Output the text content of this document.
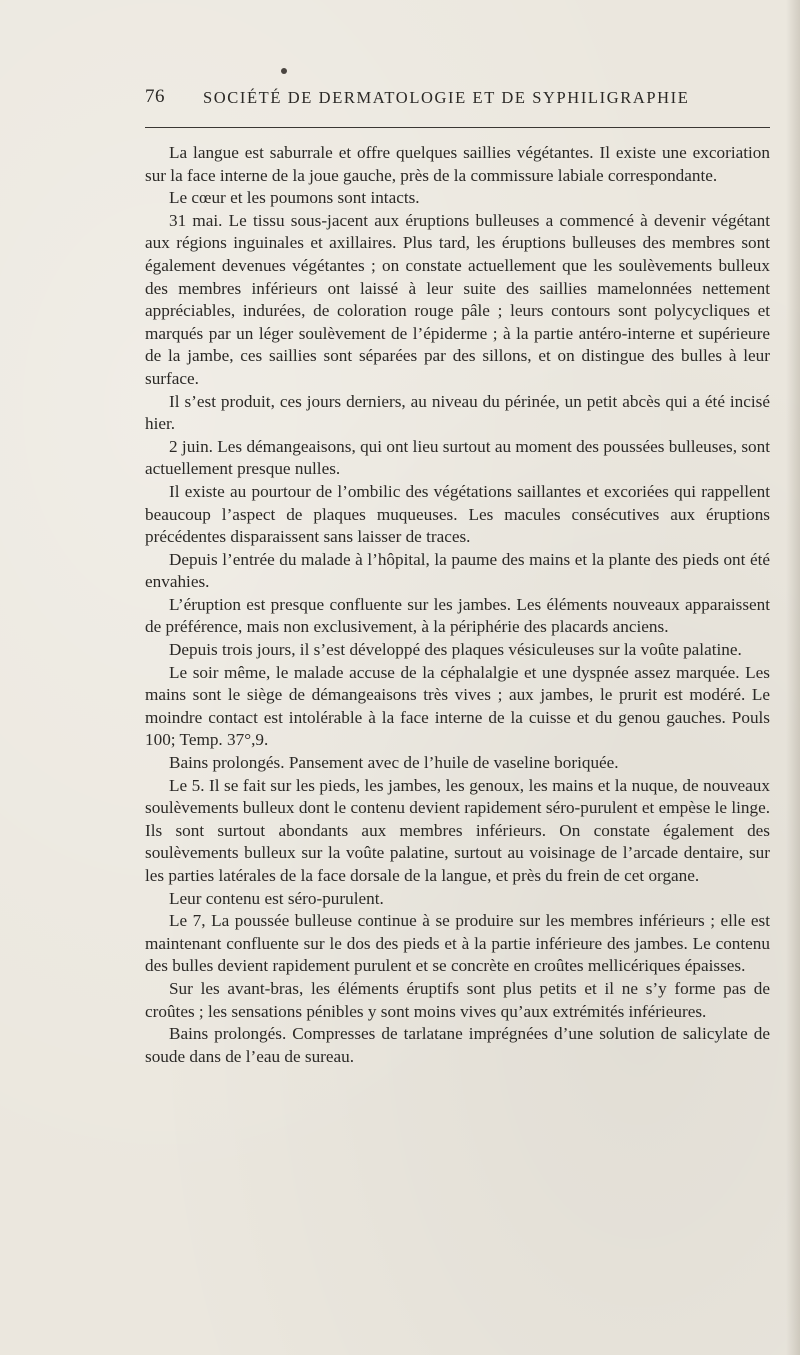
76 SOCIÉTÉ DE DERMATOLOGIE ET DE SYPHILIGRAPHIE

La langue est saburrale et offre quelques saillies végétantes. Il existe une excoriation sur la face interne de la joue gauche, près de la commissure labiale correspondante.

Le cœur et les poumons sont intacts.

31 mai. Le tissu sous-jacent aux éruptions bulleuses a commencé à devenir végétant aux régions inguinales et axillaires. Plus tard, les éruptions bulleuses des membres sont également devenues végétantes ; on constate actuellement que les soulèvements bulleux des membres inférieurs ont laissé à leur suite des saillies mamelonnées nettement appréciables, indurées, de coloration rouge pâle ; leurs contours sont polycycliques et marqués par un léger soulèvement de l’épiderme ; à la partie antéro-interne et supérieure de la jambe, ces saillies sont séparées par des sillons, et on distingue des bulles à leur surface.

Il s’est produit, ces jours derniers, au niveau du périnée, un petit abcès qui a été incisé hier.

2 juin. Les démangeaisons, qui ont lieu surtout au moment des poussées bulleuses, sont actuellement presque nulles.

Il existe au pourtour de l’ombilic des végétations saillantes et excoriées qui rappellent beaucoup l’aspect de plaques muqueuses. Les macules consécutives aux éruptions précédentes disparaissent sans laisser de traces.

Depuis l’entrée du malade à l’hôpital, la paume des mains et la plante des pieds ont été envahies.

L’éruption est presque confluente sur les jambes. Les éléments nouveaux apparaissent de préférence, mais non exclusivement, à la périphérie des placards anciens.

Depuis trois jours, il s’est développé des plaques vésiculeuses sur la voûte palatine.

Le soir même, le malade accuse de la céphalalgie et une dyspnée assez marquée. Les mains sont le siège de démangeaisons très vives ; aux jambes, le prurit est modéré. Le moindre contact est intolérable à la face interne de la cuisse et du genou gauches. Pouls 100; Temp. 37°,9.

Bains prolongés. Pansement avec de l’huile de vaseline boriquée.

Le 5. Il se fait sur les pieds, les jambes, les genoux, les mains et la nuque, de nouveaux soulèvements bulleux dont le contenu devient rapidement séro-purulent et empèse le linge. Ils sont surtout abondants aux membres inférieurs. On constate également des soulèvements bulleux sur la voûte palatine, surtout au voisinage de l’arcade dentaire, sur les parties latérales de la face dorsale de la langue, et près du frein de cet organe.

Leur contenu est séro-purulent.

Le 7, La poussée bulleuse continue à se produire sur les membres inférieurs ; elle est maintenant confluente sur le dos des pieds et à la partie inférieure des jambes. Le contenu des bulles devient rapidement purulent et se concrète en croûtes mellicériques épaisses.

Sur les avant-bras, les éléments éruptifs sont plus petits et il ne s’y forme pas de croûtes ; les sensations pénibles y sont moins vives qu’aux extrémités inférieures.

Bains prolongés. Compresses de tarlatane imprégnées d’une solution de salicylate de soude dans de l’eau de sureau.
